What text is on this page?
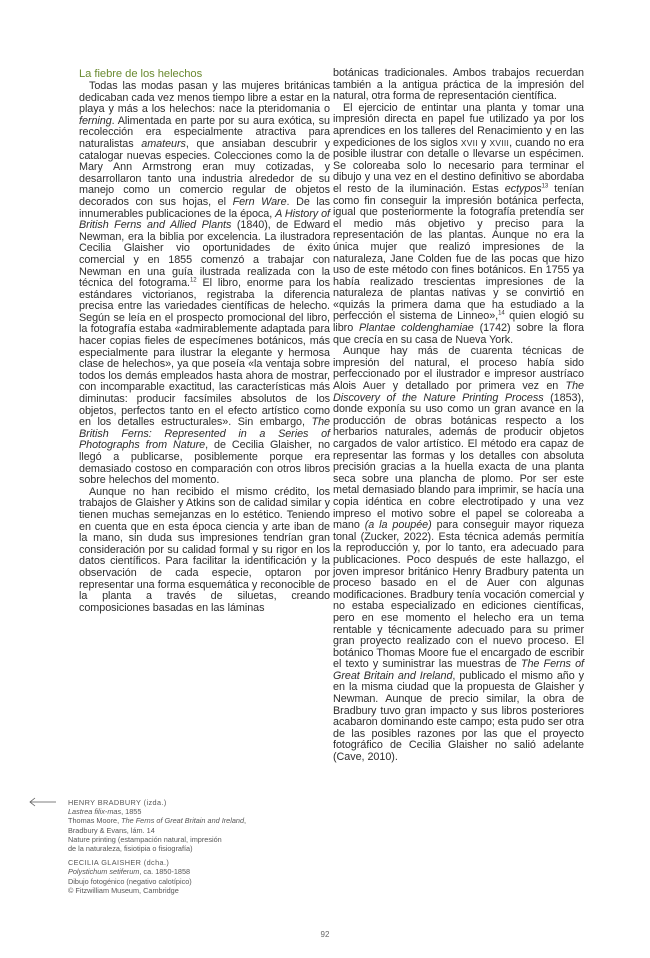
La fiebre de los helechos

Todas las modas pasan y las mujeres británicas dedicaban cada vez menos tiempo libre a estar en la playa y más a los helechos: nace la pteridomania o ferning. Alimentada en parte por su aura exótica, su recolección era especialmente atractiva para naturalistas amateurs, que ansiaban descubrir y catalogar nuevas especies. Colecciones como la de Mary Ann Armstrong eran muy cotizadas, y desarrollaron tanto una industria alrededor de su manejo como un comercio regular de objetos decorados con sus hojas, el Fern Ware. De las innumerables publicaciones de la época, A History of British Ferns and Allied Plants (1840), de Edward Newman, era la biblia por excelencia. La ilustradora Cecilia Glaisher vio oportunidades de éxito comercial y en 1855 comenzó a trabajar con Newman en una guía ilustrada realizada con la técnica del fotograma.$^{12}$ El libro, enorme para los estándares victorianos, registraba la diferencia precisa entre las variedades científicas de helecho. Según se leía en el prospecto promocional del libro, la fotografía estaba «admirablemente adaptada para hacer copias fieles de especímenes botánicos, más especialmente para ilustrar la elegante y hermosa clase de helechos», ya que poseía «la ventaja sobre todos los demás empleados hasta ahora de mostrar, con incomparable exactitud, las características más diminutas: producir facsímiles absolutos de los objetos, perfectos tanto en el efecto artístico como en los detalles estructurales». Sin embargo, The British Ferns: Represented in a Series of Photographs from Nature, de Cecilia Glaisher, no llegó a publicarse, posiblemente porque era demasiado costoso en comparación con otros libros sobre helechos del momento.

Aunque no han recibido el mismo crédito, los trabajos de Glaisher y Atkins son de calidad similar y tienen muchas semejanzas en lo estético. Teniendo en cuenta que en esta época ciencia y arte iban de la mano, sin duda sus impresiones tendrían gran consideración por su calidad formal y su rigor en los datos científicos. Para facilitar la identificación y la observación de cada especie, optaron por representar una forma esquemática y reconocible de la planta a través de siluetas, creando composiciones basadas en las láminas

botánicas tradicionales. Ambos trabajos recuerdan también a la antigua práctica de la impresión del natural, otra forma de representación científica.

El ejercicio de entintar una planta y tomar una impresión directa en papel fue utilizado ya por los aprendices en los talleres del Renacimiento y en las expediciones de los siglos XVII y XVIII, cuando no era posible ilustrar con detalle o llevarse un espécimen. Se coloreaba solo lo necesario para terminar el dibujo y una vez en el destino definitivo se abordaba el resto de la iluminación. Estas ectypos$^{13}$ tenían como fin conseguir la impresión botánica perfecta, igual que posteriormente la fotografía pretendía ser el medio más objetivo y preciso para la representación de las plantas. Aunque no era la única mujer que realizó impresiones de la naturaleza, Jane Colden fue de las pocas que hizo uso de este método con fines botánicos. En 1755 ya había realizado trescientas impresiones de la naturaleza de plantas nativas y se convirtió en «quizás la primera dama que ha estudiado a la perfección el sistema de Linneo»,$^{14}$ quien elogió su libro Plantae coldenghamiae (1742) sobre la flora que crecía en su casa de Nueva York.

Aunque hay más de cuarenta técnicas de impresión del natural, el proceso había sido perfeccionado por el ilustrador e impresor austríaco Alois Auer y detallado por primera vez en The Discovery of the Nature Printing Process (1853), donde exponía su uso como un gran avance en la producción de obras botánicas respecto a los herbarios naturales, además de producir objetos cargados de valor artístico. El método era capaz de representar las formas y los detalles con absoluta precisión gracias a la huella exacta de una planta seca sobre una plancha de plomo. Por ser este metal demasiado blando para imprimir, se hacía una copia idéntica en cobre electrotipado y una vez impreso el motivo sobre el papel se coloreaba a mano (a la poupée) para conseguir mayor riqueza tonal (Zucker, 2022). Esta técnica además permitía la reproducción y, por lo tanto, era adecuado para publicaciones. Poco después de este hallazgo, el joven impresor británico Henry Bradbury patenta un proceso basado en el de Auer con algunas modificaciones. Bradbury tenía vocación comercial y no estaba especializado en ediciones científicas, pero en ese momento el helecho era un tema rentable y técnicamente adecuado para su primer gran proyecto realizado con el nuevo proceso. El botánico Thomas Moore fue el encargado de escribir el texto y suministrar las muestras de The Ferns of Great Britain and Ireland, publicado el mismo año y en la misma ciudad que la propuesta de Glaisher y Newman. Aunque de precio similar, la obra de Bradbury tuvo gran impacto y sus libros posteriores acabaron dominando este campo; esta pudo ser otra de las posibles razones por las que el proyecto fotográfico de Cecilia Glaisher no salió adelante (Cave, 2010).

HENRY BRADBURY (izda.)
Lastrea filix-mas, 1855
Thomas Moore, The Ferns of Great Britain and Ireland,
Bradbury & Evans, lám. 14
Nature printing (estampación natural, impresión
de la naturaleza, fisiotipia o fisiografía)
CECILIA GLAISHER (dcha.)
Polystichum setiferum, ca. 1850-1858
Dibujo fotogénico (negativo calotípico)
© Fitzwilliam Museum, Cambridge
92
